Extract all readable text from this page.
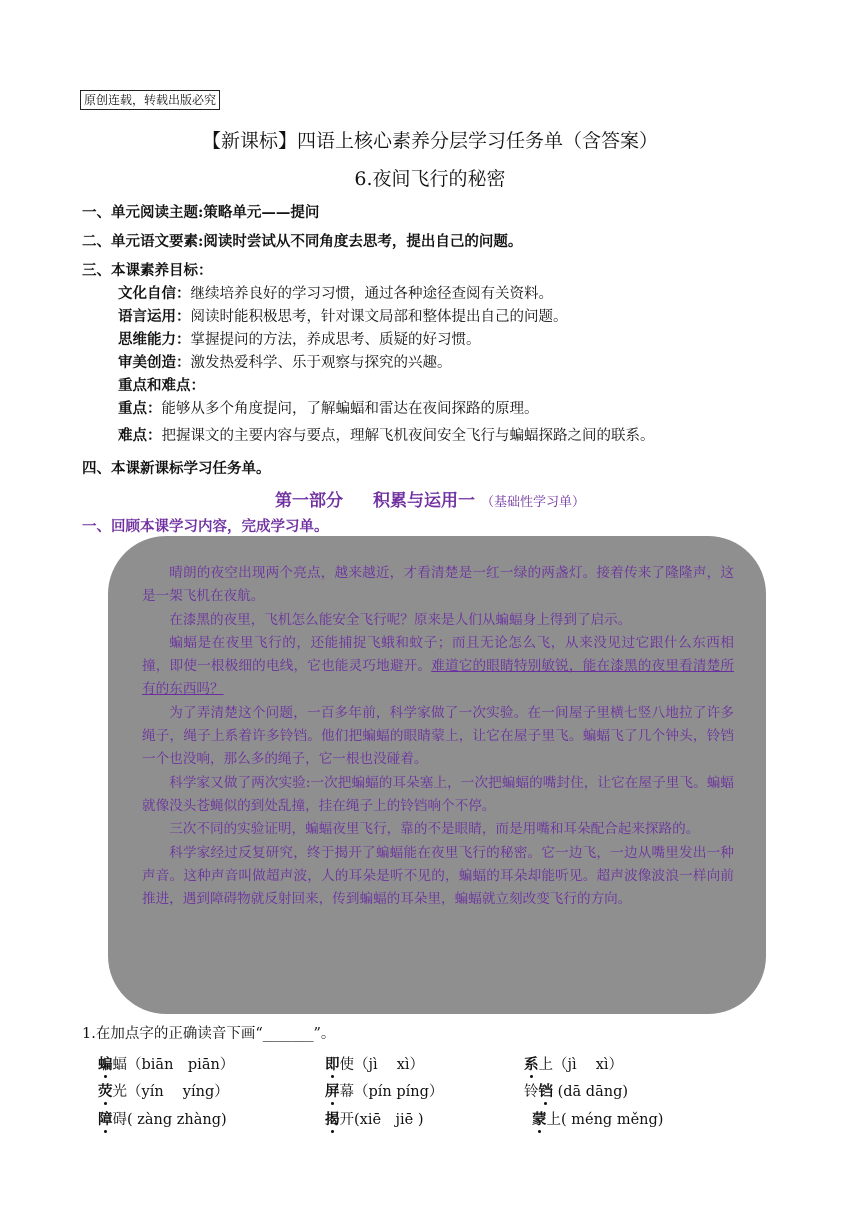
原创连载，转载出版必究
【新课标】四语上核心素养分层学习任务单（含答案）
6.夜间飞行的秘密
一、单元阅读主题:策略单元——提问
二、单元语文要素:阅读时尝试从不同角度去思考，提出自己的问题。
三、本课素养目标：
文化自信：继续培养良好的学习习惯，通过各种途径查阅有关资料。
语言运用：阅读时能积极思考，针对课文局部和整体提出自己的问题。
思维能力：掌握提问的方法，养成思考、质疑的好习惯。
审美创造：激发热爱科学、乐于观察与探究的兴趣。
重点和难点：
重点：能够从多个角度提问，了解蝙蝠和雷达在夜间探路的原理。
难点：把握课文的主要内容与要点，理解飞机夜间安全飞行与蝙蝠探路之间的联系。
四、本课新课标学习任务单。
第一部分 积累与运用一 （基础性学习单）
一、回顾本课学习内容，完成学习单。

晴朗的夜空出现两个亮点，越来越近，才看清楚是一红一绿的两盏灯。接着传来了隆隆声，这是一架飞机在夜航。

在漆黑的夜里，飞机怎么能安全飞行呢？原来是人们从蝙蝠身上得到了启示。

蝙蝠是在夜里飞行的，还能捕捉飞蛾和蚊子；而且无论怎么飞，从来没见过它跟什么东西相撞，即使一根极细的电线，它也能灵巧地避开。难道它的眼睛特别敏锐，能在漆黑的夜里看清楚所有的东西吗？

为了弄清楚这个问题，一百多年前，科学家做了一次实验。在一间屋子里横七竖八地拉了许多绳子，绳子上系着许多铃铛。他们把蝙蝠的眼睛蒙上，让它在屋子里飞。蝙蝠飞了几个钟头，铃铛一个也没响，那么多的绳子，它一根也没碰着。

科学家又做了两次实验:一次把蝙蝠的耳朵塞上，一次把蝙蝠的嘴封住，让它在屋子里飞。蝙蝠就像没头苍蝇似的到处乱撞，挂在绳子上的铃铛响个不停。

三次不同的实验证明，蝙蝠夜里飞行，靠的不是眼睛，而是用嘴和耳朵配合起来探路的。

科学家经过反复研究，终于揭开了蝙蝠能在夜里飞行的秘密。它一边飞，一边从嘴里发出一种声音。这种声音叫做超声波，人的耳朵是听不见的，蝙蝠的耳朵却能听见。超声波像波浪一样向前推进，遇到障碍物就反射回来，传到蝙蝠的耳朵里，蝙蝠就立刻改变飞行的方向。

1.在加点字的正确读音下画“_______”。
蝙蝠（biān　piān）	即使（jì　 xì）	系上（jì　 xì）
荧光（yín　 yíng）	屏幕（pín píng）	铃铛 (dā dāng)
障碍( zàng zhàng)	揭开(xiē　jiē )	蒙上( méng měng)
